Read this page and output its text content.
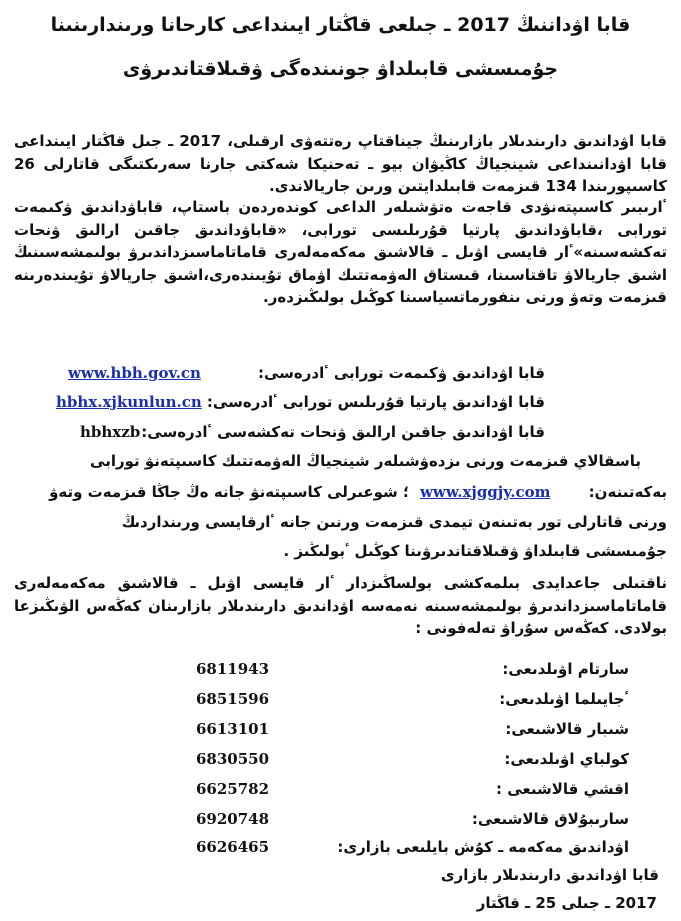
قابا اۋداننىڭ 2017 ـ جىلعى قاڭتار ايىنداعى كارحانا ورىندارىنىنا
جۇمىسشى قابىلداۋ جونىندەگى ۋقىلاقتاندىرۋى
قابا اۋداندىق دارىندىلار بازارىنىڭ جيناقتاپ رەتتەۋى ارقىلى، 2017 ـ جىل قاڭتار ايىنداعى قابا اۋدانىنداعى شينجياڭ كاڭيۋان بيو ـ تەحنيكا شەكتى جارنا سەرىكتىگى قاتارلى 26 كاسىپورىندا 134 قىزمەت قابىلدايتىن ورىن جاريالاندى.
ٴارىبىر كاسىپتەنۋدى قاجەت ەتۋشىلەر الداعى كوندەردەن باستاپ، قاباۋداندىق ۋكىمەت تورابى ،قاباۋداندىق پارتيا قۇرىلىسى تورابى، «قاباۋداندىق جاقىن ارالىق ۋنحات تەكشەسىنە»ٴار قايسى اۋىل ـ قالاشىق مەكەمەلەرى قاماتاماسىزداندىرۋ بولىمشەسىنىڭ اشىق جاريالاۋ تاقتاسىنا، قىستاق الەۋمەتتىك اۋماق تۇيىندەرى،اشىق جاريالاۋ تۇيىندەرىنە قىزمەت وتەۋ ورنى ىنفورماتسياسىنا كوڭىل بولىڭىزدەر.
قابا اۋداندىق ۋكىمەت تورابى ٴادرەسى:
www.hbh.gov.cn
قابا اۋداندىق پارتيا قۇرىلىس تورابى ٴادرەسى:
hbhx.xjkunlun.cn
قابا اۋداندىق جاقىن ارالىق ۋنحات تەكشەسى ٴادرەسى:
hbhxzb
باسقالاي قىزمەت ورنى ىزدەۋشىلەر شينجياڭ الەۋمەتتىك كاسىپتەنۋ تورابى
بەكەتىنەن:
www.xjggjy.com
؛ شوعىرلى كاسىپتەنۋ جانە ەڭ جاڭا قىزمەت وتەۋ
ورنى قاتارلى تور بەتىنەن تيمدى قىزمەت ورنىن جانە ٴارقايسى ورىنداردىڭ
جۇمىسشى قابىلداۋ ۋقىلاقتاندىرۋىنا كوڭىل ٴبولىڭىز .
ناقتىلى جاعدايدى بىلمەكشى بولساڭىزدار ٴار قايسى اۋىل ـ قالاشىق مەكەمەلەرى قاماتاماسىزداندىرۋ بولىمشەسىنە نەمەسە اۋداندىق دارىندىلار بازارىنان كەڭەس الۋىڭىزعا بولادى. كەڭەس سۇراۋ تەلەفونى :
سارتام اۋىلدىعى:
6811943
ٴجايىلما اۋىلدىعى:
6851596
شىبار قالاشىعى:
6613101
كولباي اۋىلدىعى:
6830550
اقشي قالاشىعى :
6625782
سارىبۇلاق قالاشىعى:
6920748
اۋداندىق مەكەمە ـ كۇش بايلىعى بازارى:
6626465
قابا اۋداندىق دارىندىلار بازارى
2017 ـ جىلى 25 ـ قاڭتار
